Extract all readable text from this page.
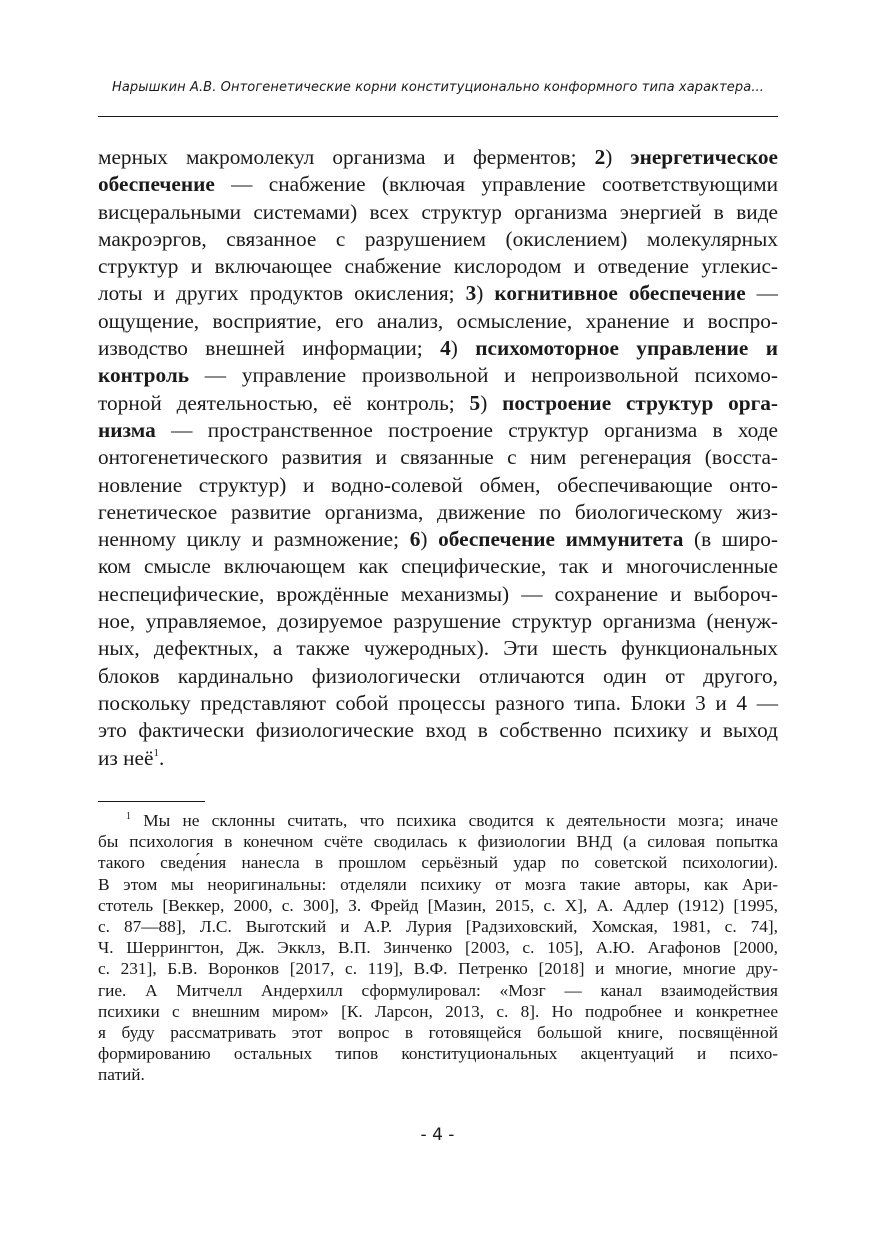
Нарышкин А.В. Онтогенетические корни конституционально конформного типа характера...
мерных макромолекул организма и ферментов; 2) энергетическое
обеспечение — снабжение (включая управление соответствующими
висцеральными системами) всех структур организма энергией в виде
макроэргов, связанное с разрушением (окислением) молекулярных
структур и включающее снабжение кислородом и отведение углекис-
лоты и других продуктов окисления; 3) когнитивное обеспечение —
ощущение, восприятие, его анализ, осмысление, хранение и воспро-
изводство внешней информации; 4) психомоторное управление и
контроль — управление произвольной и непроизвольной психомо-
торной деятельностью, её контроль; 5) построение структур орга-
низма — пространственное построение структур организма в ходе
онтогенетического развития и связанные с ним регенерация (восста-
новление структур) и водно-солевой обмен, обеспечивающие онто-
генетическое развитие организма, движение по биологическому жиз-
ненному циклу и размножение; 6) обеспечение иммунитета (в широ-
ком смысле включающем как специфические, так и многочисленные
неспецифические, врождённые механизмы) — сохранение и выбороч-
ное, управляемое, дозируемое разрушение структур организма (ненуж-
ных, дефектных, а также чужеродных). Эти шесть функциональных
блоков кардинально физиологически отличаются один от другого,
поскольку представляют собой процессы разного типа. Блоки 3 и 4 —
это фактически физиологические вход в собственно психику и выход
из неё$^1$.
$^1$ Мы не склонны считать, что психика сводится к деятельности мозга; иначе
бы психология в конечном счёте сводилась к физиологии ВНД (а силовая попытка
такого сведе́ния нанесла в прошлом серьёзный удар по советской психологии).
В этом мы неоригинальны: отделяли психику от мозга такие авторы, как Ари-
стотель [Веккер, 2000, с. 300], З. Фрейд [Мазин, 2015, с. X], А. Адлер (1912) [1995,
с. 87—88], Л.С. Выготский и А.Р. Лурия [Радзиховский, Хомская, 1981, с. 74],
Ч. Шеррингтон, Дж. Экклз, В.П. Зинченко [2003, с. 105], А.Ю. Агафонов [2000,
с. 231], Б.В. Воронков [2017, с. 119], В.Ф. Петренко [2018] и многие, многие дру-
гие. А Митчелл Андерхилл сформулировал: «Мозг — канал взаимодействия
психики с внешним миром» [К. Ларсон, 2013, с. 8]. Но подробнее и конкретнее
я буду рассматривать этот вопрос в готовящейся большой книге, посвящённой
формированию остальных типов конституциональных акцентуаций и психо-
патий.
- 4 -
